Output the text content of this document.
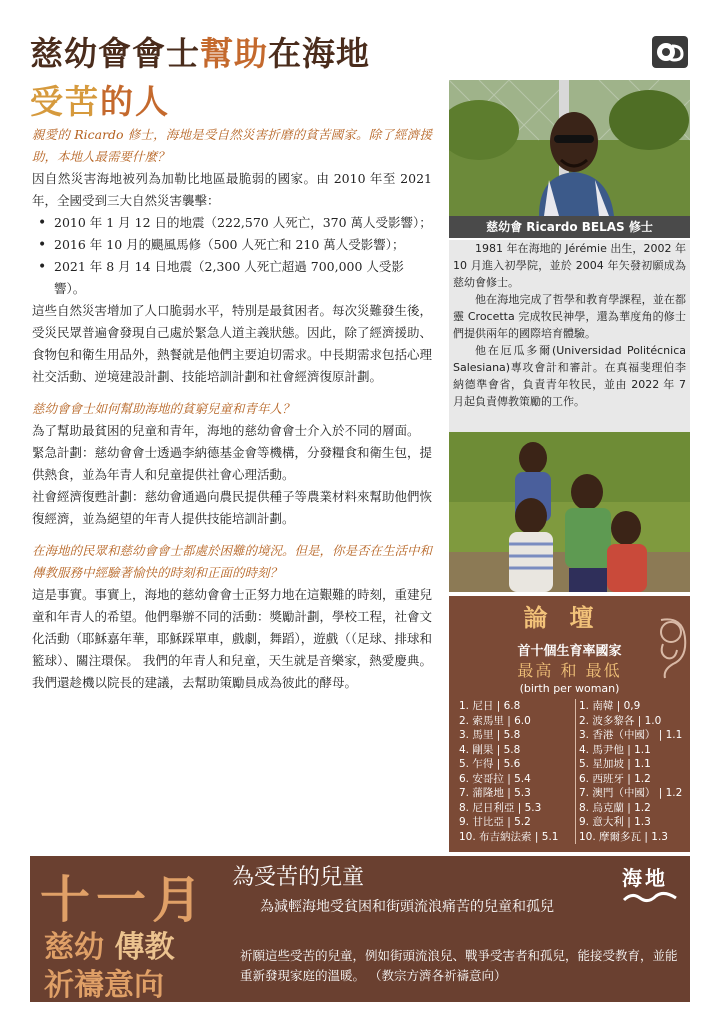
慈幼會會士幫助在海地
受苦的人

親愛的 Ricardo 修士，海地是受自然災害折磨的貧苦國家。除了經濟援助，本地人最需要什麼？

因自然災害海地被列為加勒比地區最脆弱的國家。由 2010 年至 2021 年，全國受到三大自然災害襲擊：

• 2010 年 1 月 12 日的地震（222,570 人死亡，370 萬人受影響）；
• 2016 年 10 月的颶風馬修（500 人死亡和 210 萬人受影響）；
• 2021 年 8 月 14 日地震（2,300 人死亡超過 700,000 人受影響）。

這些自然災害增加了人口脆弱水平，特別是最貧困者。每次災難發生後，受災民眾普遍會發現自己處於緊急人道主義狀態。因此，除了經濟援助、食物包和衛生用品外，熱餐就是他們主要迫切需求。中長期需求包括心理社交活動、逆境建設計劃、技能培訓計劃和社會經濟復原計劃。

慈幼會會士如何幫助海地的貧窮兒童和青年人？

為了幫助最貧困的兒童和青年，海地的慈幼會會士介入於不同的層面。

緊急計劃：慈幼會會士透過李納德基金會等機構，分發糧食和衛生包，提供熱食，並為年青人和兒童提供社會心理活動。

社會經濟復甦計劃：慈幼會通過向農民提供種子等農業材料來幫助他們恢復經濟，並為絕望的年青人提供技能培訓計劃。

在海地的民眾和慈幼會會士都處於困難的境況。但是，你是否在生活中和傳教服務中經驗著愉快的時刻和正面的時刻？

這是事實。事實上，海地的慈幼會會士正努力地在這艱難的時刻，重建兒童和年青人的希望。他們舉辦不同的活動：獎勵計劃，學校工程，社會文化活動（耶穌嘉年華，耶穌踩單車，戲劇，舞蹈），遊戲（（足球、排球和籃球）、關注環保。 我們的年青人和兒童，天生就是音樂家，熱愛慶典。我們還趁機以院長的建議，去幫助策勵員成為彼此的酵母。

慈幼會 Ricardo BELAS 修士

1981 年在海地的 Jérémie 出生，2002 年10 月進入初學院，並於 2004 年矢發初願成為慈幼會修士。

他在海地完成了哲學和教育學課程，並在都靈 Crocetta 完成牧民神學，還為華度角的修士們提供兩年的國際培育體驗。

他在厄瓜多爾(Universidad Politécnica Salesiana)專攻會計和審計。在真福斐理伯李納德準會省，負責青年牧民，並由 2022 年 7 月起負責傳教策勵的工作。

論壇
首十個生育率國家
最高 和 最低
(birth per woman)
1. 尼日 | 6.8
2. 索馬里 | 6.0
3. 馬里 | 5.8
4. 剛果 | 5.8
5. 乍得 | 5.6
6. 安哥拉 | 5.4
7. 蒲隆地 | 5.3
8. 尼日利亞 | 5.3
9. 甘比亞 | 5.2
10. 布吉納法索 | 5.1
1. 南韓 | 0,9
2. 波多黎各 | 1.0
3. 香港（中國） | 1.1
4. 馬尹他 | 1.1
5. 星加坡 | 1.1
6. 西班牙 | 1.2
7. 澳門（中國） | 1.2
8. 烏克蘭 | 1.2
9. 意大利 | 1.3
10. 摩爾多瓦 | 1.3
十一月
慈幼 傳教
祈禱意向
為受苦的兒童
為減輕海地受貧困和街頭流浪痛苦的兒童和孤兒
祈願這些受苦的兒童，例如街頭流浪兒、戰爭受害者和孤兒，能接受教育，並能重新發現家庭的溫暖。 （教宗方濟各祈禱意向）
海地
